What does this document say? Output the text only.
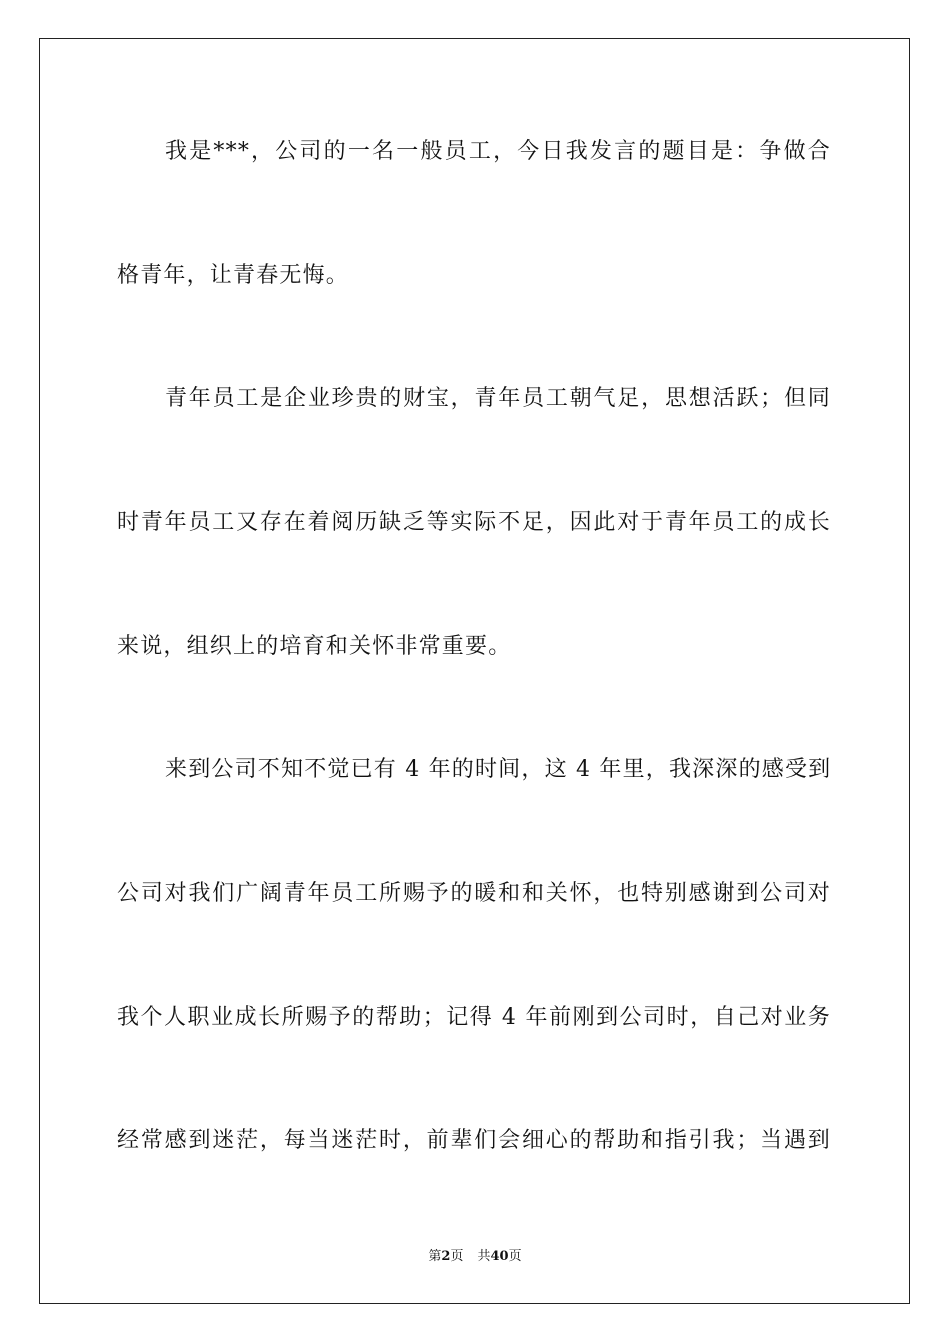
我是***，公司的一名一般员工，今日我发言的题目是：争做合
格青年，让青春无悔。
青年员工是企业珍贵的财宝，青年员工朝气足，思想活跃；但同
时青年员工又存在着阅历缺乏等实际不足，因此对于青年员工的成长
来说，组织上的培育和关怀非常重要。
来到公司不知不觉已有 4 年的时间，这 4 年里，我深深的感受到
公司对我们广阔青年员工所赐予的暖和和关怀，也特别感谢到公司对
我个人职业成长所赐予的帮助；记得 4 年前刚到公司时，自己对业务
经常感到迷茫，每当迷茫时，前辈们会细心的帮助和指引我；当遇到
第2页 共40页
